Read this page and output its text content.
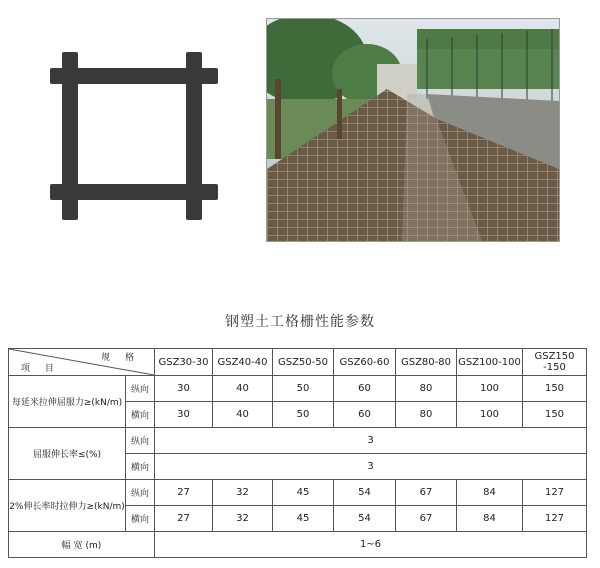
钢塑土工格栅性能参数
规 格
项 目		GSZ30-30	GSZ40-40	GSZ50-50	GSZ60-60	GSZ80-80	GSZ100-100	GSZ150 -150
每延米拉伸屈服力≥(kN/m)	纵向	30	40	50	60	80	100	150
	横向	30	40	50	60	80	100	150
屈服伸长率≤(%)	纵向	3						
	横向	3						
2%伸长率时拉伸力≥(kN/m)	纵向	27	32	45	54	67	84	127
	横向	27	32	45	54	67	84	127
幅 宽 (m)		1~6						
